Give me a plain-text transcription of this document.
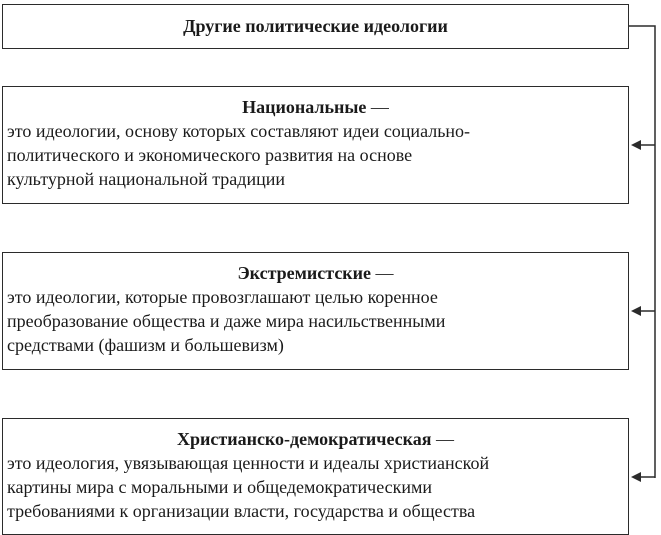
Другие политические идеологии
Национальные —
это идеологии, основу которых составляют идеи социально-
политического и экономического развития на основе
культурной национальной традиции
Экстремистские —
это идеологии, которые провозглашают целью коренное
преобразование общества и даже мира насильственными
средствами (фашизм и большевизм)
Христианско-демократическая —
это идеология, увязывающая ценности и идеалы христианской
картины мира с моральными и общедемократическими
требованиями к организации власти, государства и общества
